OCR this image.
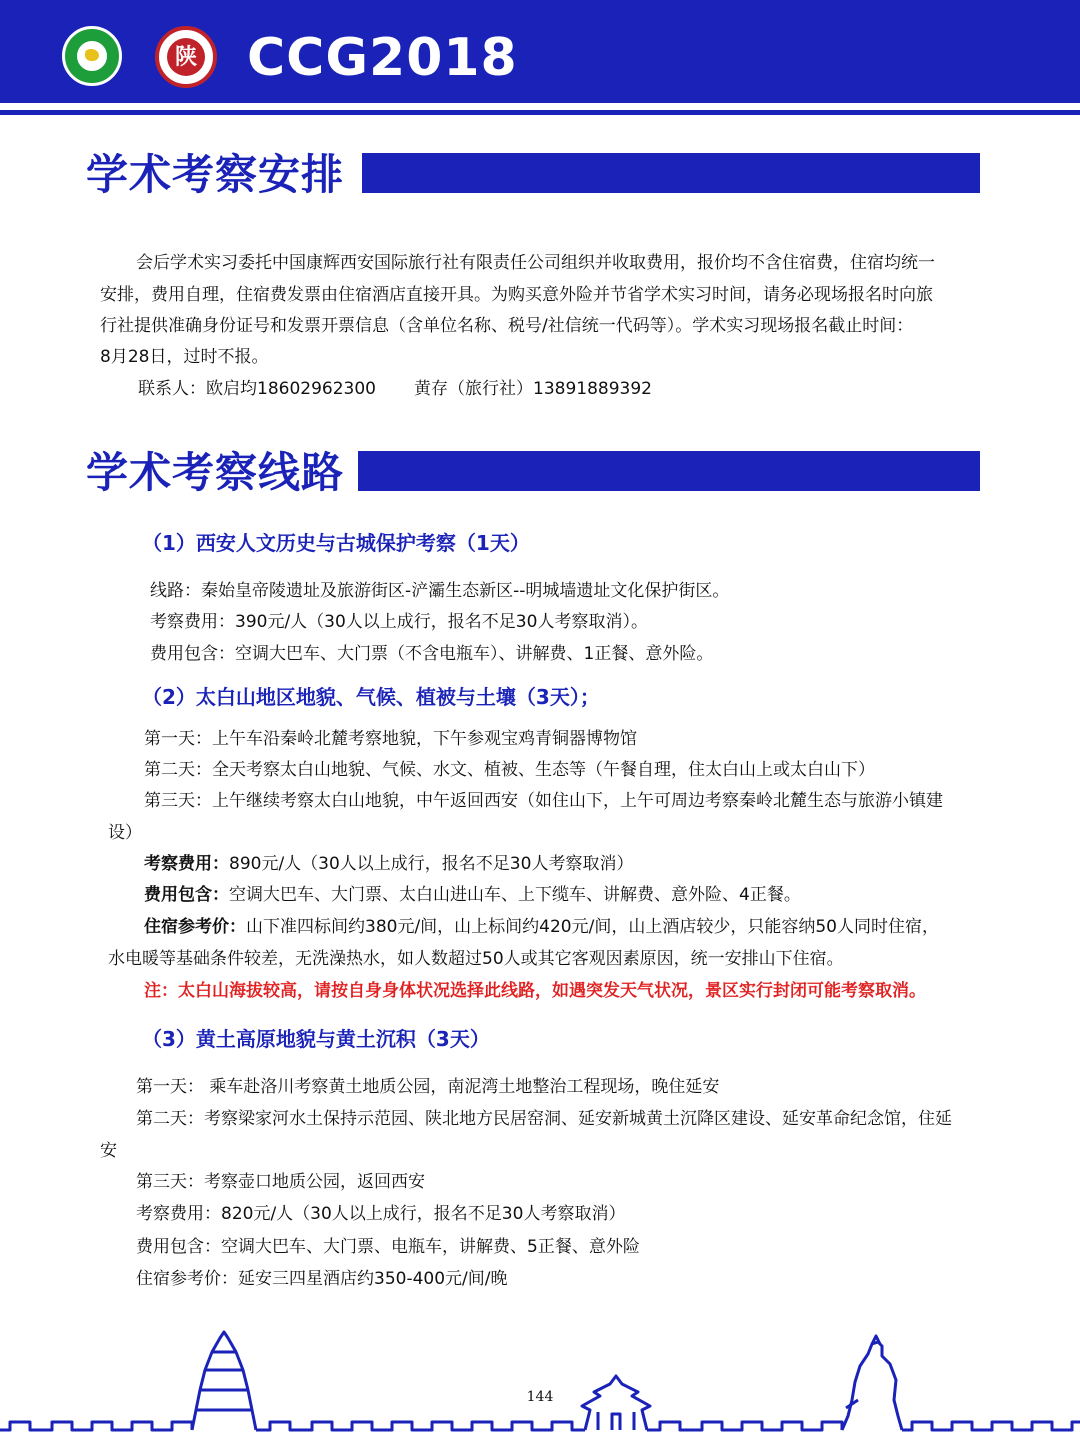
陕 CCG2018
学术考察安排
会后学术实习委托中国康辉西安国际旅行社有限责任公司组织并收取费用，报价均不含住宿费，住宿均统一
安排，费用自理，住宿费发票由住宿酒店直接开具。为购买意外险并节省学术实习时间，请务必现场报名时向旅
行社提供准确身份证号和发票开票信息（含单位名称、税号/社信统一代码等）。学术实习现场报名截止时间：
8月28日，过时不报。
联系人：欧启均18602962300 黄存（旅行社）13891889392
学术考察线路
（1）西安人文历史与古城保护考察（1天）
线路：秦始皇帝陵遗址及旅游街区-浐灞生态新区--明城墙遗址文化保护街区。
考察费用：390元/人（30人以上成行，报名不足30人考察取消）。
费用包含：空调大巴车、大门票（不含电瓶车）、讲解费、1正餐、意外险。
（2）太白山地区地貌、气候、植被与土壤（3天）；
第一天：上午车沿秦岭北麓考察地貌，下午参观宝鸡青铜器博物馆
第二天：全天考察太白山地貌、气候、水文、植被、生态等（午餐自理，住太白山上或太白山下）
第三天：上午继续考察太白山地貌，中午返回西安（如住山下，上午可周边考察秦岭北麓生态与旅游小镇建
设）
考察费用：890元/人（30人以上成行，报名不足30人考察取消）
费用包含：空调大巴车、大门票、太白山进山车、上下缆车、讲解费、意外险、4正餐。
住宿参考价：山下准四标间约380元/间，山上标间约420元/间，山上酒店较少，只能容纳50人同时住宿，
水电暖等基础条件较差，无洗澡热水，如人数超过50人或其它客观因素原因，统一安排山下住宿。
注：太白山海拔较高，请按自身身体状况选择此线路，如遇突发天气状况，景区实行封闭可能考察取消。
（3）黄土高原地貌与黄土沉积（3天）
第一天： 乘车赴洛川考察黄土地质公园，南泥湾土地整治工程现场，晚住延安
第二天：考察梁家河水土保持示范园、陕北地方民居窑洞、延安新城黄土沉降区建设、延安革命纪念馆，住延
安
第三天：考察壶口地质公园，返回西安
考察费用：820元/人（30人以上成行，报名不足30人考察取消）
费用包含：空调大巴车、大门票、电瓶车，讲解费、5正餐、意外险
住宿参考价：延安三四星酒店约350-400元/间/晚
144
